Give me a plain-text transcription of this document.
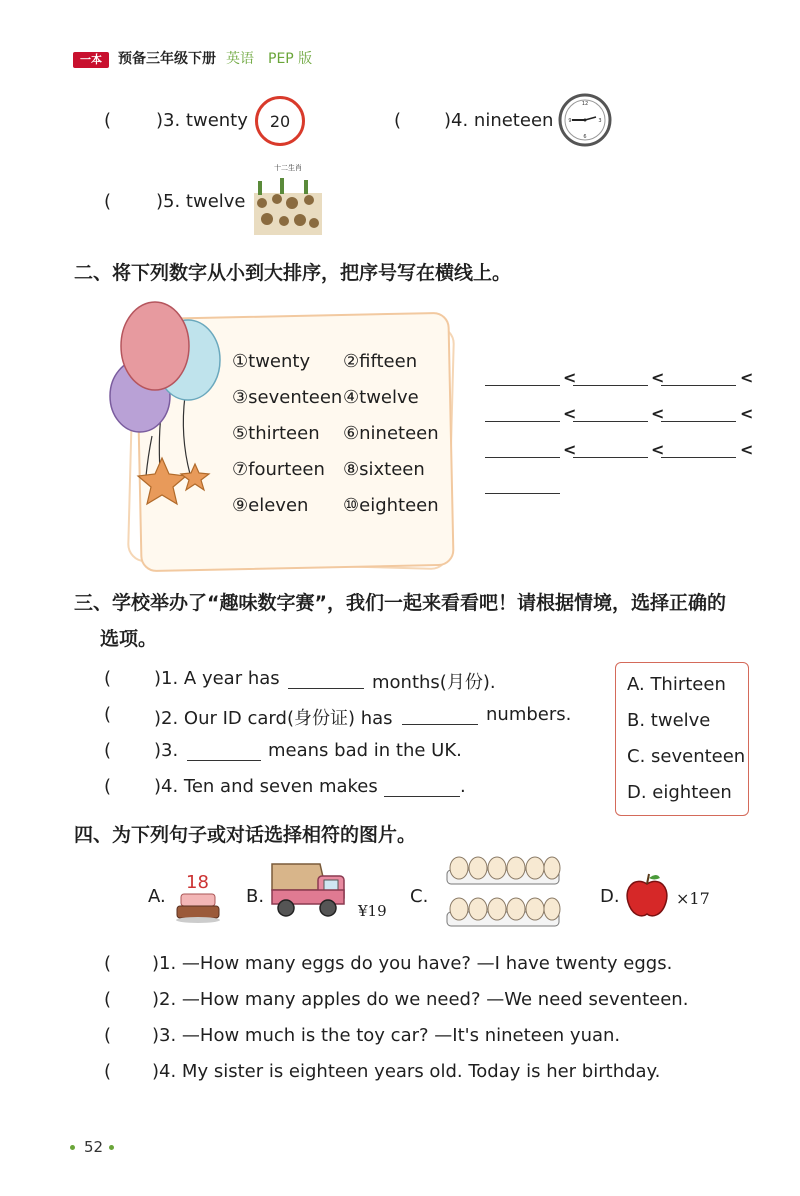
一本	预备三年级下册 英语 PEP 版
( )3. twenty 20	( )4. nineteen
12
3
6
9
( )5. twelve
十二生肖
二、将下列数字从小到大排序，把序号写在横线上。
①twenty ②fifteen
③seventeen ④twelve
⑤thirteen ⑥nineteen
⑦fourteen ⑧sixteen
⑨eleven ⑩eighteen
<	<	<
<	<	<
<	<	<
三、学校举办了“趣味数字赛”，我们一起来看看吧！请根据情境，选择正确的
选项。
( )1. A year has	months(月份).
( )2. Our ID card(身份证) has	numbers.
( )3.	means bad in the UK.
( )4. Ten and seven makes	.
A. Thirteen
B. twelve
C. seventeen
D. eighteen
四、为下列句子或对话选择相符的图片。
A.
18
B.
¥19
C.	D.	×17
( )1. —How many eggs do you have? —I have twenty eggs.
( )2. —How many apples do we need? —We need seventeen.
( )3. —How much is the toy car? —It's nineteen yuan.
( )4. My sister is eighteen years old. Today is her birthday.
52
